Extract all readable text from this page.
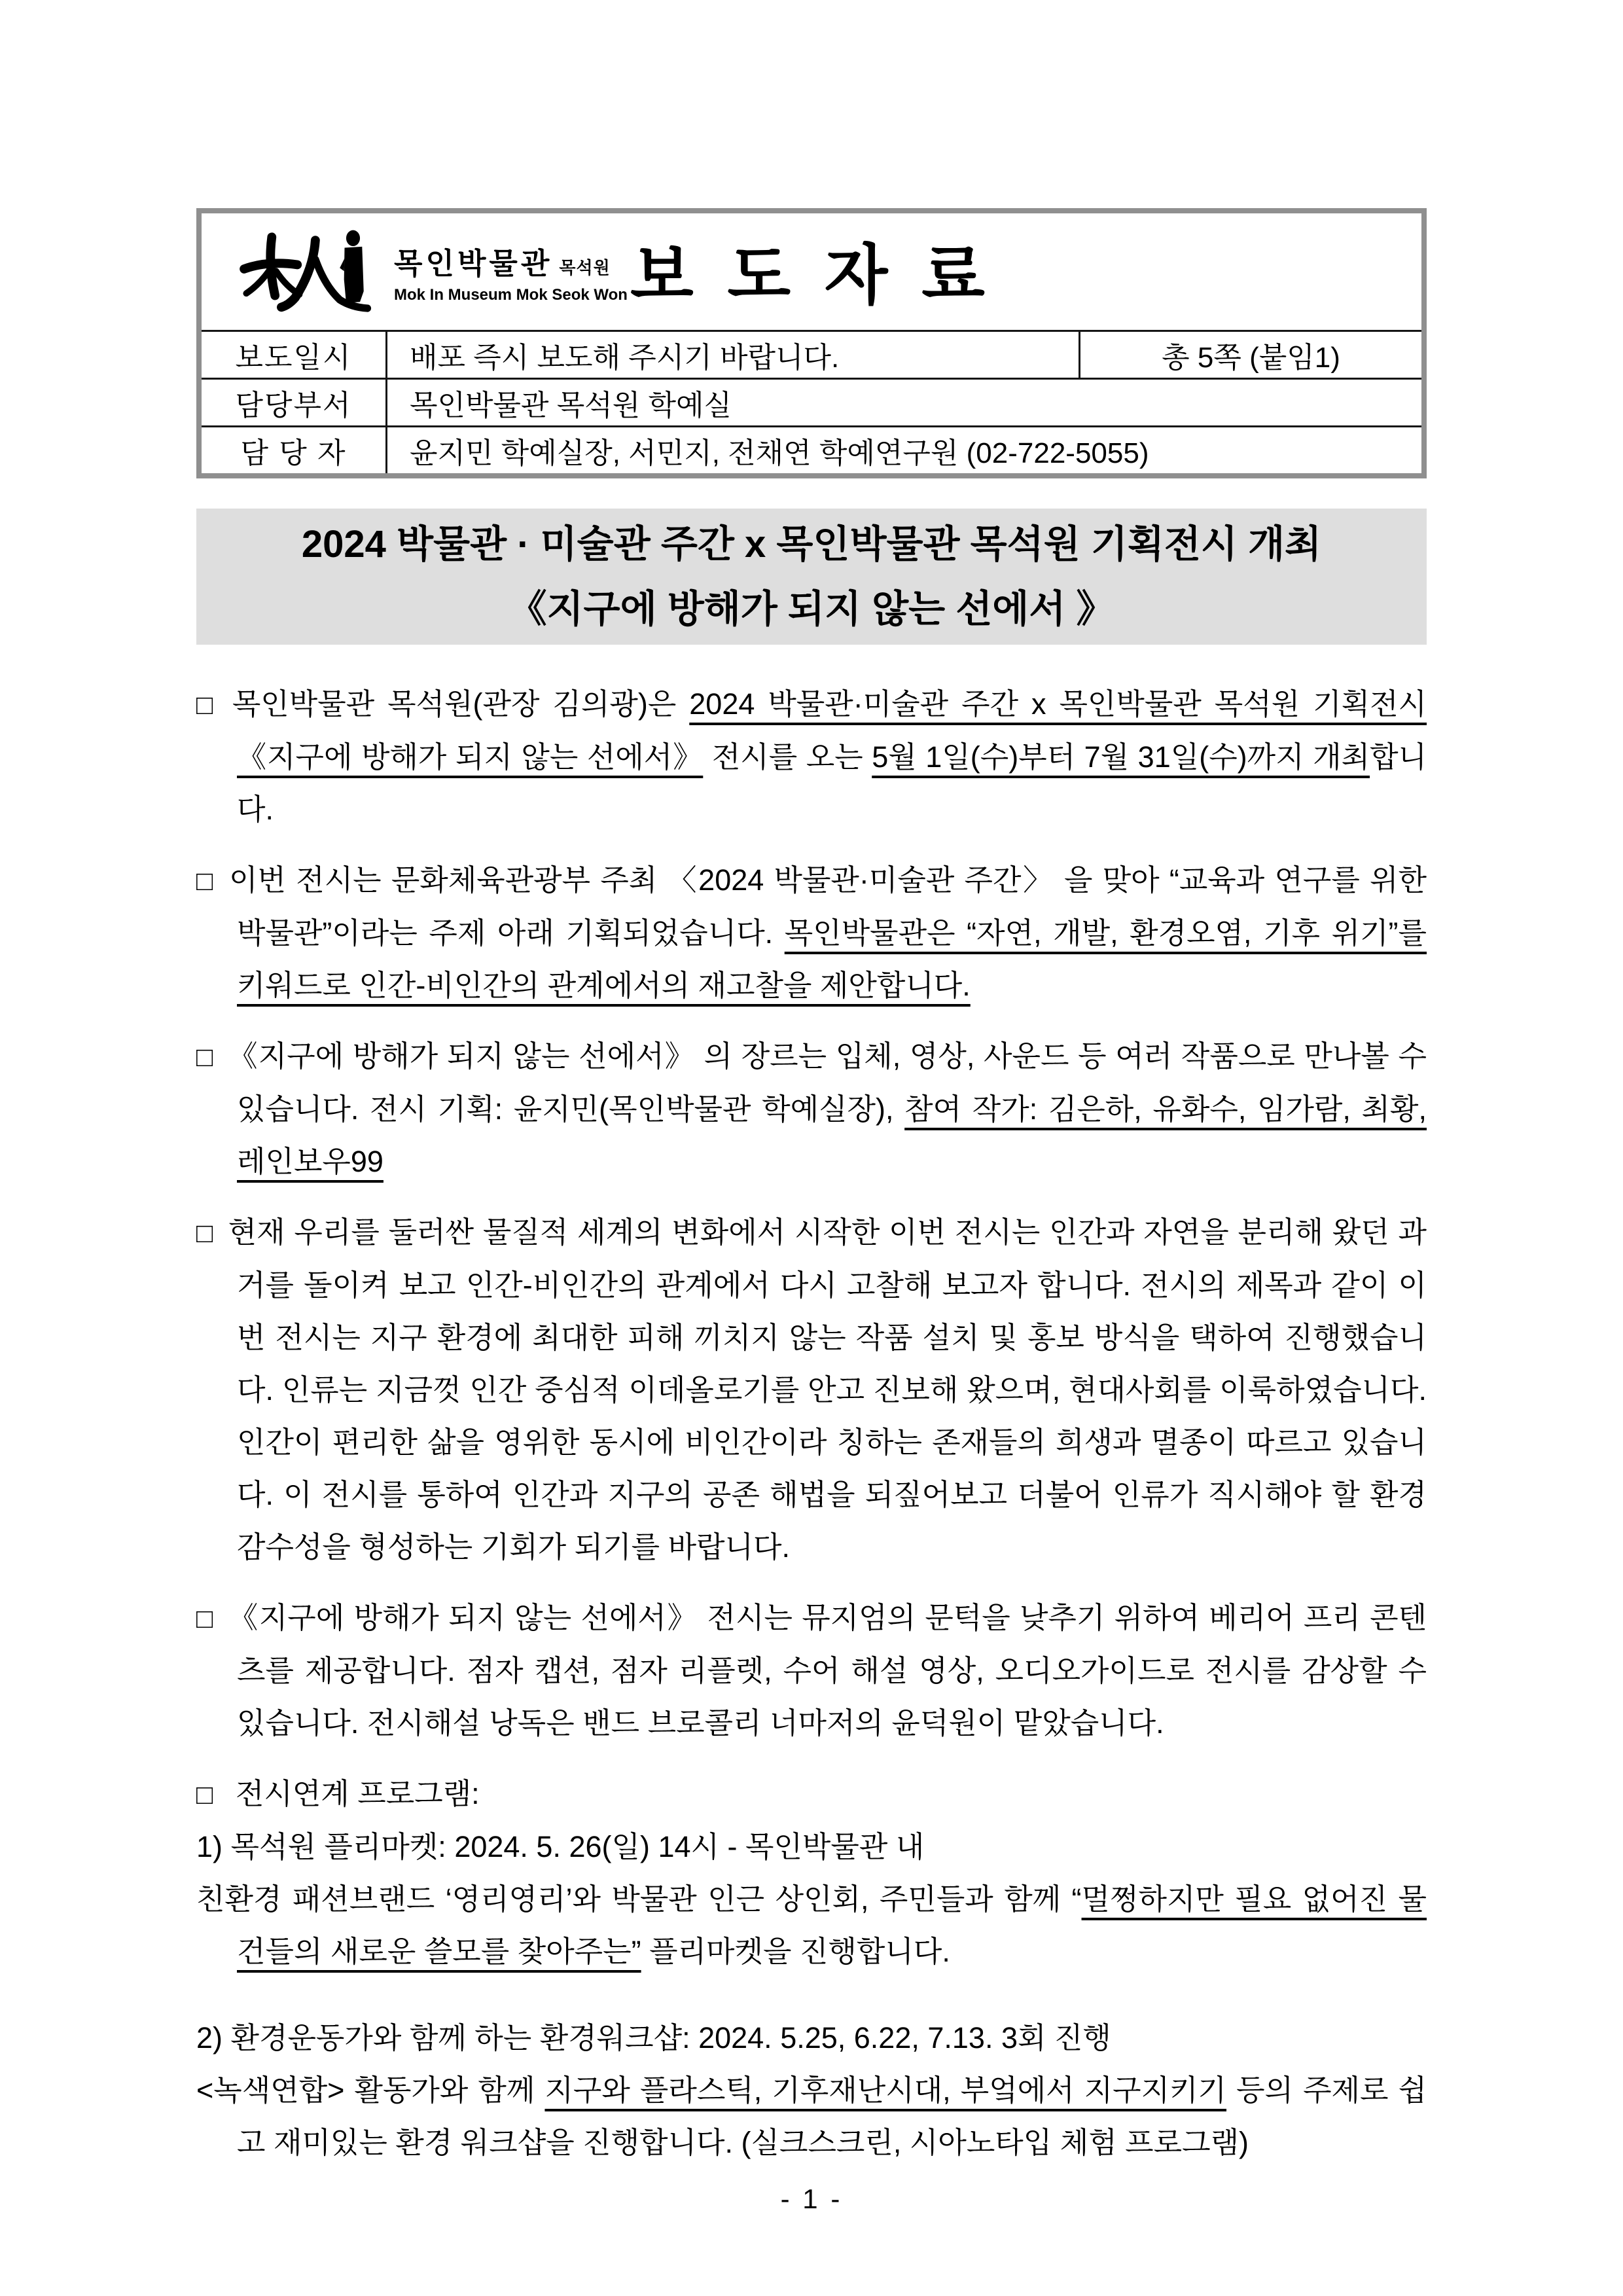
목인박물관 목석원
Mok In Museum Mok Seok Won 보 도 자 료
보도일시	배포 즉시 보도해 주시기 바랍니다.	총 5쪽 (붙임1)
담당부서	목인박물관 목석원 학예실
담 당 자	윤지민 학예실장, 서민지, 전채연 학예연구원 (02-722-5055)
2024 박물관 · 미술관 주간 x 목인박물관 목석원 기획전시 개최
《지구에 방해가 되지 않는 선에서 》

□ 목인박물관 목석원(관장 김의광)은 2024 박물관·미술관 주간 x 목인박물관 목석원 기획전시 《지구에 방해가 되지 않는 선에서》 전시를 오는 5월 1일(수)부터 7월 31일(수)까지 개최합니다.

□ 이번 전시는 문화체육관광부 주최 〈2024 박물관·미술관 주간〉 을 맞아 “교육과 연구를 위한 박물관”이라는 주제 아래 기획되었습니다. 목인박물관은 “자연, 개발, 환경오염, 기후 위기”를 키워드로 인간-비인간의 관계에서의 재고찰을 제안합니다.

□ 《지구에 방해가 되지 않는 선에서》 의 장르는 입체, 영상, 사운드 등 여러 작품으로 만나볼 수 있습니다. 전시 기획: 윤지민(목인박물관 학예실장), 참여 작가: 김은하, 유화수, 임가람, 최황, 레인보우99

□ 현재 우리를 둘러싼 물질적 세계의 변화에서 시작한 이번 전시는 인간과 자연을 분리해 왔던 과거를 돌이켜 보고 인간-비인간의 관계에서 다시 고찰해 보고자 합니다. 전시의 제목과 같이 이번 전시는 지구 환경에 최대한 피해 끼치지 않는 작품 설치 및 홍보 방식을 택하여 진행했습니다. 인류는 지금껏 인간 중심적 이데올로기를 안고 진보해 왔으며, 현대사회를 이룩하였습니다. 인간이 편리한 삶을 영위한 동시에 비인간이라 칭하는 존재들의 희생과 멸종이 따르고 있습니다. 이 전시를 통하여 인간과 지구의 공존 해법을 되짚어보고 더불어 인류가 직시해야 할 환경 감수성을 형성하는 기회가 되기를 바랍니다.

□ 《지구에 방해가 되지 않는 선에서》 전시는 뮤지엄의 문턱을 낮추기 위하여 베리어 프리 콘텐츠를 제공합니다. 점자 캡션, 점자 리플렛, 수어 해설 영상, 오디오가이드로 전시를 감상할 수 있습니다. 전시해설 낭독은 밴드 브로콜리 너마저의 윤덕원이 맡았습니다.

□ 전시연계 프로그램:

1) 목석원 플리마켓: 2024. 5. 26(일) 14시 - 목인박물관 내

친환경 패션브랜드 ‘영리영리’와 박물관 인근 상인회, 주민들과 함께 “멀쩡하지만 필요 없어진 물건들의 새로운 쓸모를 찾아주는” 플리마켓을 진행합니다.

2) 환경운동가와 함께 하는 환경워크샵: 2024. 5.25, 6.22, 7.13. 3회 진행

<녹색연합> 활동가와 함께 지구와 플라스틱, 기후재난시대, 부엌에서 지구지키기 등의 주제로 쉽고 재미있는 환경 워크샵을 진행합니다. (실크스크린, 시아노타입 체험 프로그램)

- 1 -
